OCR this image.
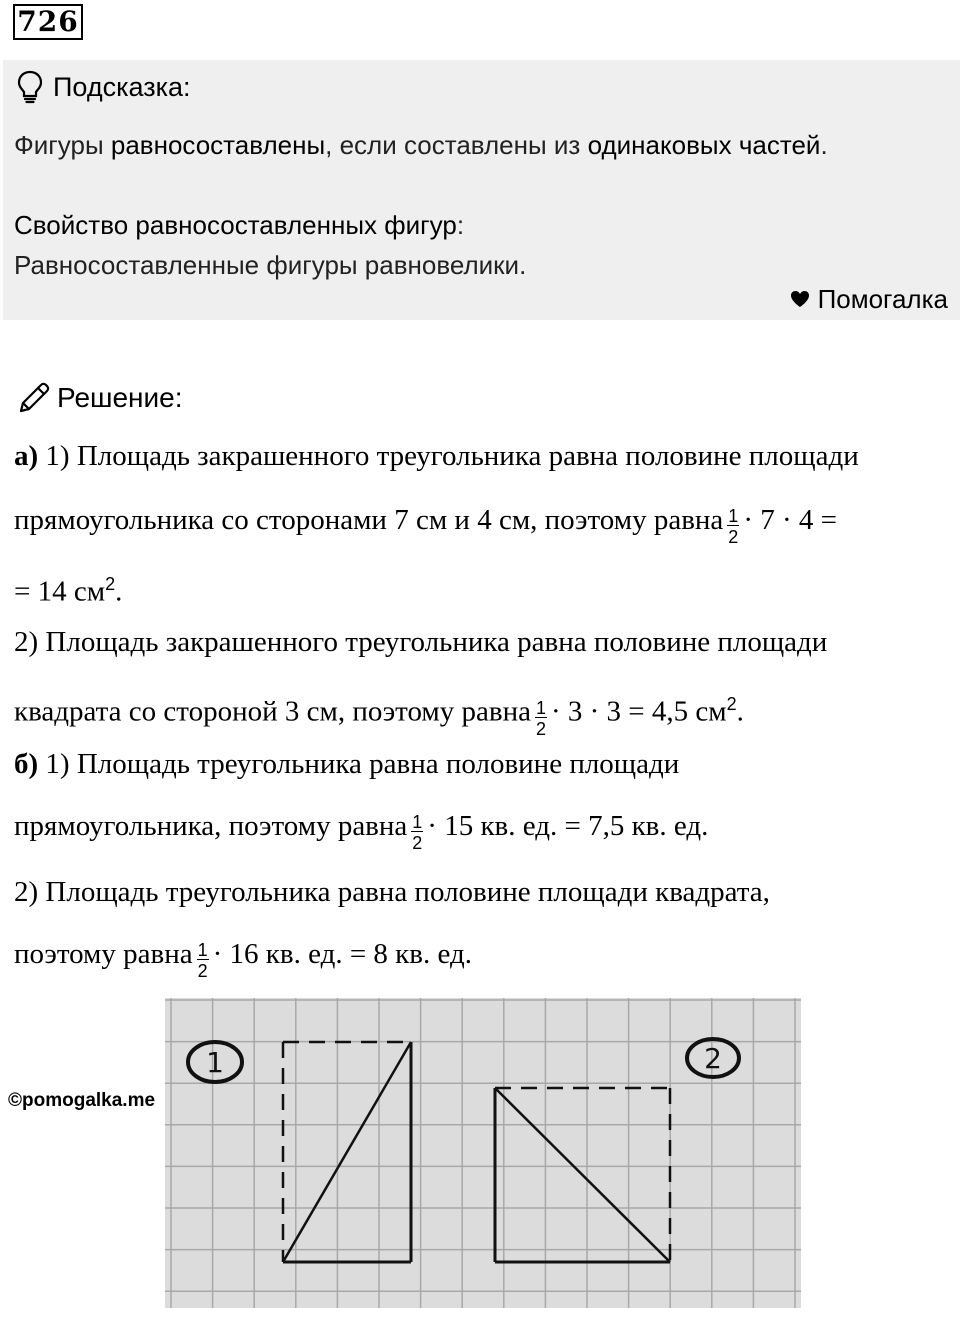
726
Подсказка:
Фигуры равносоставлены, если составлены из одинаковых частей.
Свойство равносоставленных фигур:
Равносоставленные фигуры равновелики.
Помогалка
Решение:
а) 1) Площадь закрашенного треугольника равна половине площади
прямоугольника со сторонами 7 см и 4 см, поэтому равна $\frac{1}{2} \cdot 7 \cdot 4$ =
= 14 $см^2$.
2) Площадь закрашенного треугольника равна половине площади
квадрата со стороной 3 см, поэтому равна $\frac{1}{2} \cdot 3 \cdot 3 = 4,5$ $см^2$.
б) 1) Площадь треугольника равна половине площади
прямоугольника, поэтому равна $\frac{1}{2} \cdot 15$ кв. ед. = 7,5 кв. ед.
2) Площадь треугольника равна половине площади квадрата,
поэтому равна $\frac{1}{2} \cdot 16$ кв. ед. = 8 кв. ед.
1	2
©pomogalka.me
